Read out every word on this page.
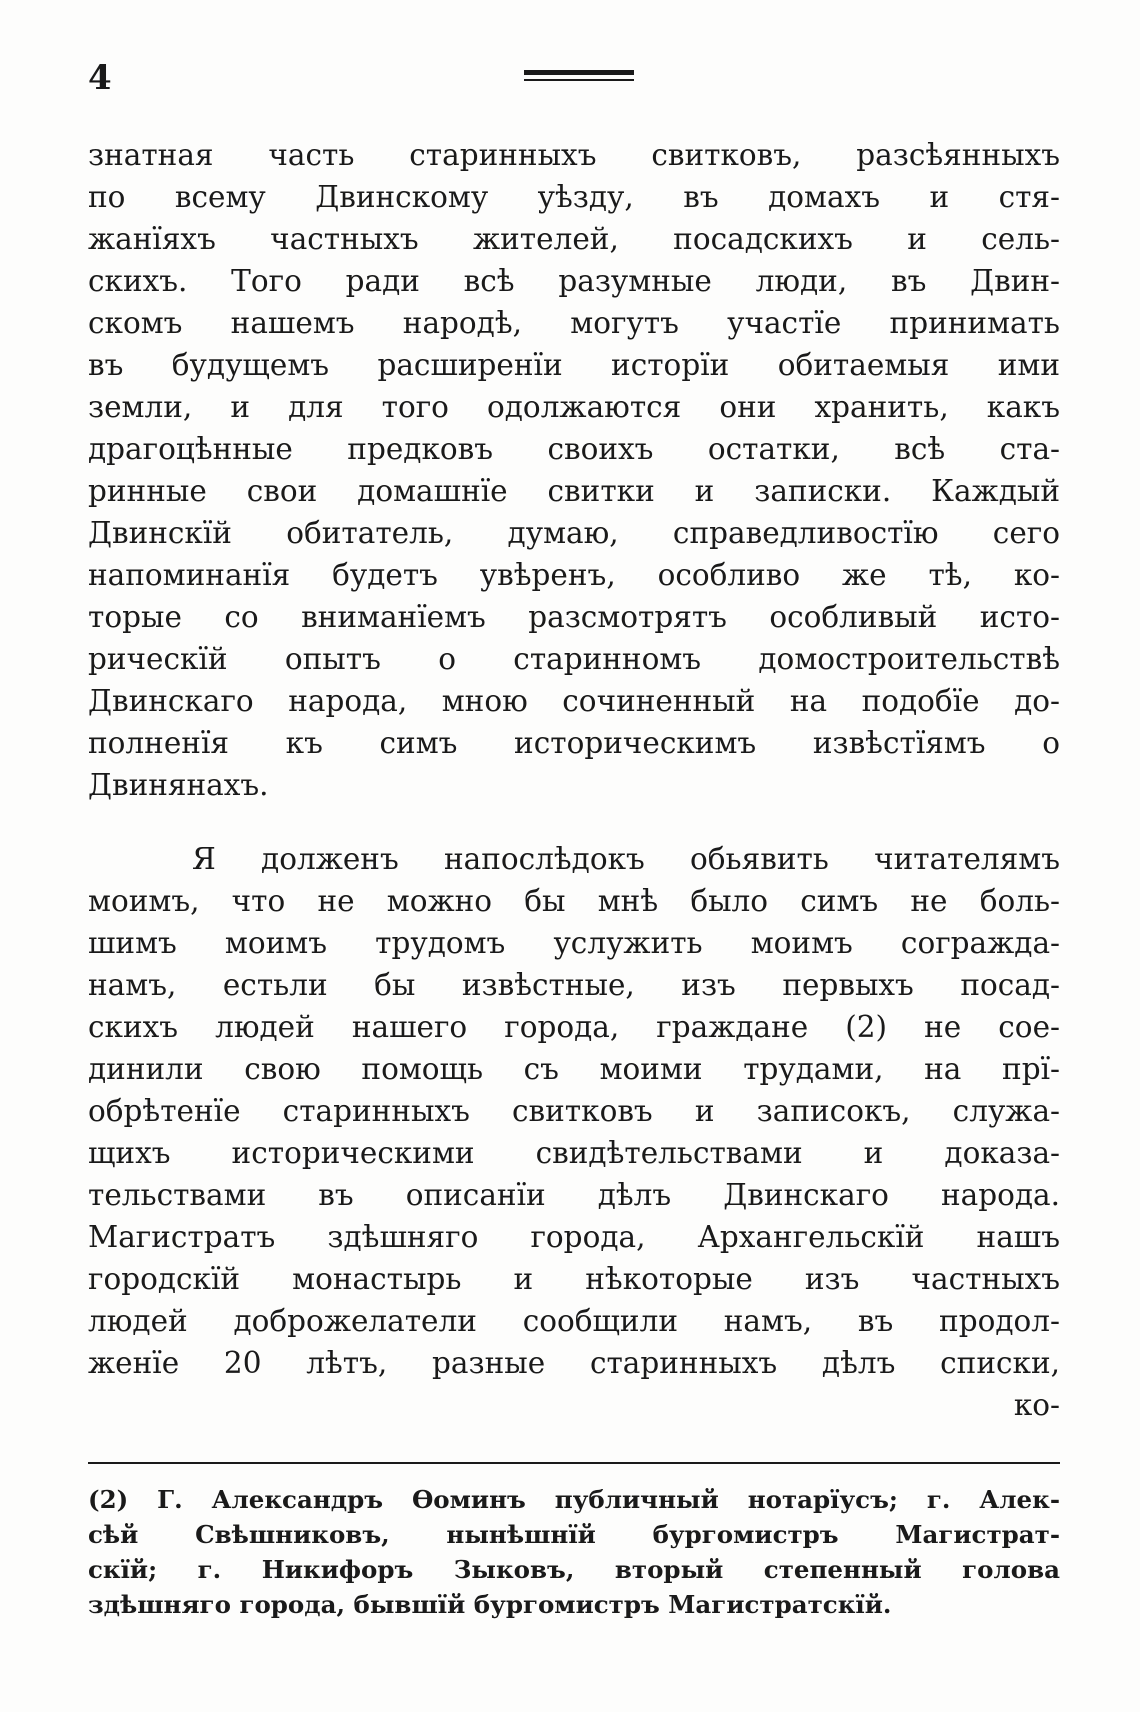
4
знатная часть старинныхъ свитковъ, разсѣянныхъ
по всему Двинскому уѣзду, въ домахъ и стя-
жанїяхъ частныхъ жителей, посадскихъ и сель-
скихъ. Того ради всѣ разумные люди, въ Двин-
скомъ нашемъ народѣ, могутъ участїе принимать
въ будущемъ расширенїи исторїи обитаемыя ими
земли, и для того одолжаются они хранить, какъ
драгоцѣнные предковъ своихъ остатки, всѣ ста-
ринные свои домашнїе свитки и записки. Каждый
Двинскїй обитатель, думаю, справедливостїю сего
напоминанїя будетъ увѣренъ, особливо же тѣ, ко-
торые со вниманїемъ разсмотрятъ особливый исто-
рическїй опытъ о старинномъ домостроительствѣ
Двинскаго народа, мною сочиненный на подобїе до-
полненїя къ симъ историческимъ извѣстїямъ о
Двинянахъ.
Я долженъ напослѣдокъ обьявить читателямъ
моимъ, что не можно бы мнѣ было симъ не боль-
шимъ моимъ трудомъ услужить моимъ сограждa-
намъ, естьли бы извѣстные, изъ первыхъ посад-
скихъ людей нашего города, граждане (2) не сое-
динили свою помощь съ моими трудами, на прї-
обрѣтенїе старинныхъ свитковъ и записокъ, служа-
щихъ историческими свидѣтельствами и доказа-
тельствами въ описанїи дѣлъ Двинскаго народа.
Магистратъ здѣшняго города, Архангельскїй нашъ
городскїй монастырь и нѣкоторые изъ частныхъ
людей доброжелатели сообщили намъ, въ продол-
женїе 20 лѣтъ, разные старинныхъ дѣлъ списки,
ко-
(2) Г. Александръ Өоминъ публичный нотарїусъ; г. Алек-
сѣй Свѣшниковъ, нынѣшнїй бургомистръ Магистрат-
скїй; г. Никифоръ Зыковъ, вторый степенный голова
здѣшняго города, бывшїй бургомистръ Магистратскїй.
